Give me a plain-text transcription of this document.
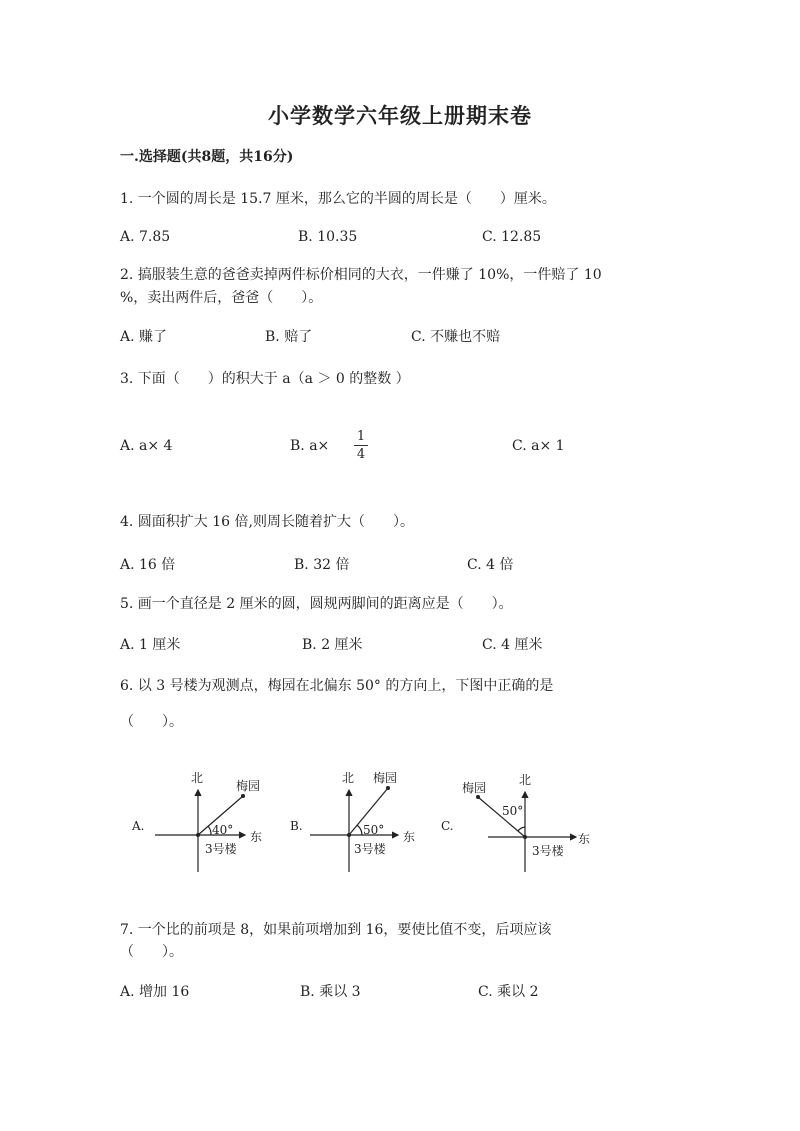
小学数学六年级上册期末卷
一.选择题(共8题，共16分)
1. 一个圆的周长是 15.7 厘米，那么它的半圆的周长是（　　）厘米。
A. 7.85	B. 10.35	C. 12.85
2. 搞服装生意的爸爸卖掉两件标价相同的大衣，一件赚了 10%，一件赔了 10
%，卖出两件后，爸爸（　　）。
A. 赚了	B. 赔了	C. 不赚也不赔
3. 下面（　　）的积大于 a（a ＞ 0 的整数 ）
A. a× 4	B. a×
1
4
C. a× 1
4. 圆面积扩大 16 倍,则周长随着扩大（　　）。
A. 16 倍	B. 32 倍	C. 4 倍
5. 画一个直径是 2 厘米的圆，圆规两脚间的距离应是（　　）。
A. 1 厘米	B. 2 厘米	C. 4 厘米
6. 以 3 号楼为观测点，梅园在北偏东 50° 的方向上，下图中正确的是
（　　）。
A.
北
梅园
40° 东
3号楼
B.
北 梅园
50° 东
3号楼
C.
北
梅园
50°
东
3号楼
7. 一个比的前项是 8，如果前项增加到 16，要使比值不变，后项应该
（　　）。
A. 增加 16	B. 乘以 3	C. 乘以 2
